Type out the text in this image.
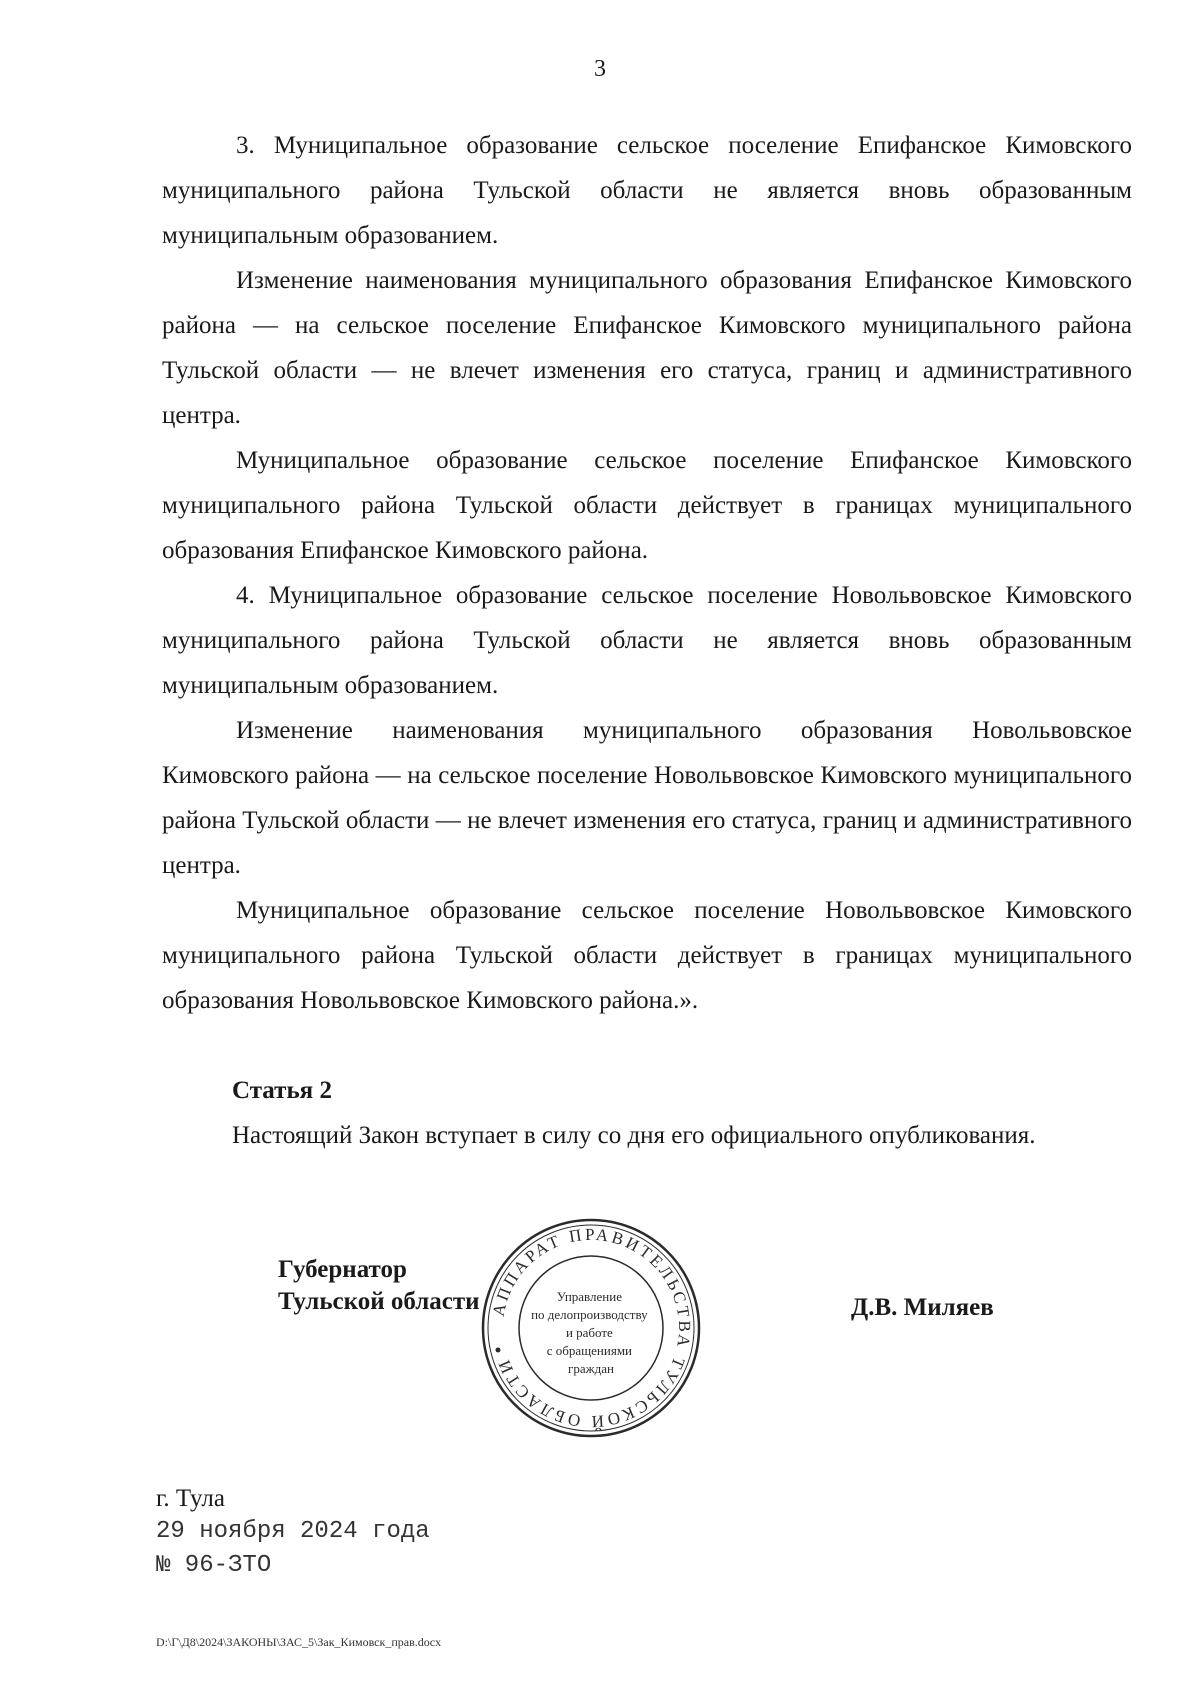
3

3. Муниципальное образование сельское поселение Епифанское Кимовского муниципального района Тульской области не является вновь образованным муниципальным образованием.

Изменение наименования муниципального образования Епифанское Кимовского района — на сельское поселение Епифанское Кимовского муниципального района Тульской области — не влечет изменения его статуса, границ и административного центра.

Муниципальное образование сельское поселение Епифанское Кимовского муниципального района Тульской области действует в границах муниципального образования Епифанское Кимовского района.

4. Муниципальное образование сельское поселение Новольвовское Кимовского муниципального района Тульской области не является вновь образованным муниципальным образованием.

Изменение наименования муниципального образования Новольвовское Кимовского района — на сельское поселение Новольвовское Кимовского муниципального района Тульской области — не влечет изменения его статуса, границ и административного центра.

Муниципальное образование сельское поселение Новольвовское Кимовского муниципального района Тульской области действует в границах муниципального образования Новольвовское Кимовского района.».

Статья 2

Настоящий Закон вступает в силу со дня его официального опубликования.

АППАРАТ ПРАВИТЕЛЬСТВА ТУЛЬСКОЙ ОБЛАСТИ
Управление по делопроизводству и работе с обращениями граждан
Губернатор
Тульской области	Д.В. Миляев
г. Тула
29 ноября 2024 года
№ 96-ЗТО
D:\Г\Д8\2024\ЗАКОНЫ\ЗАС_5\Зак_Кимовск_прав.docx
